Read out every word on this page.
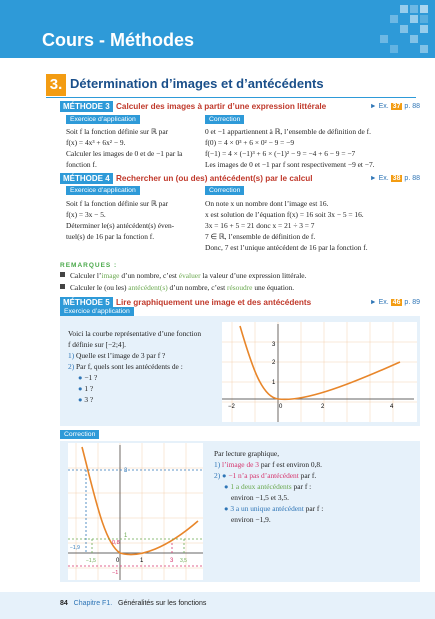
Cours - Méthodes
3. Détermination d’images et d’antécédents
MÉTHODE 3 Calculer des images à partir d’une expression littérale	► Ex. 37 p. 88
Exercice d’application	Correction
Soit f la fonction définie sur ℝ par
f(x) = 4x³ + 6x² − 9.
Calculer les images de 0 et de −1 par la
fonction f.
0 et −1 appartiennent à ℝ, l’ensemble de définition de f.
f(0) = 4 × 0³ + 6 × 0² − 9 = −9
f(−1) = 4 × (−1)³ + 6 × (−1)² − 9 = −4 + 6 − 9 = −7
Les images de 0 et −1 par f sont respectivement −9 et −7.
MÉTHODE 4 Rechercher un (ou des) antécédent(s) par le calcul	► Ex. 38 p. 88
Exercice d’application	Correction
Soit f la fonction définie sur ℝ par
f(x) = 3x − 5.
Déterminer le(s) antécédent(s) éven-
tuel(s) de 16 par la fonction f.
On note x un nombre dont l’image est 16.
x est solution de l’équation f(x) = 16 soit 3x − 5 = 16.
3x = 16 + 5 = 21 donc x = 21 ÷ 3 = 7
7 ∈ ℝ, l’ensemble de définition de f.
Donc, 7 est l’unique antécédent de 16 par la fonction f.
REMARQUES :
Calculer l’image d’un nombre, c’est évaluer la valeur d’une expression littérale.
Calculer le (ou les) antécédent(s) d’un nombre, c’est résoudre une équation.
MÉTHODE 5 Lire graphiquement une image et des antécédents	► Ex. 46 p. 89
Exercice d’application
Voici la courbe représentative d’une fonction
f définie sur [−2;4].
1) Quelle est l’image de 3 par f ?
2) Par f, quels sont les antécédents de :
● −1 ?
● 1 ?
● 3 ?
−2	0	2	4
1
2
3
Correction
3
0,8
1
−1
0	1	3
−1,5
−1,9
3,5
Par lecture graphique,
1) l’image de 3 par f est environ 0,8.
2) ● −1 n’a pas d’antécédent par f.
● 1 a deux antécédents par f :
environ −1,5 et 3,5.
● 3 a un unique antécédent par f :
environ −1,9.
84 Chapitre F1. Généralités sur les fonctions
